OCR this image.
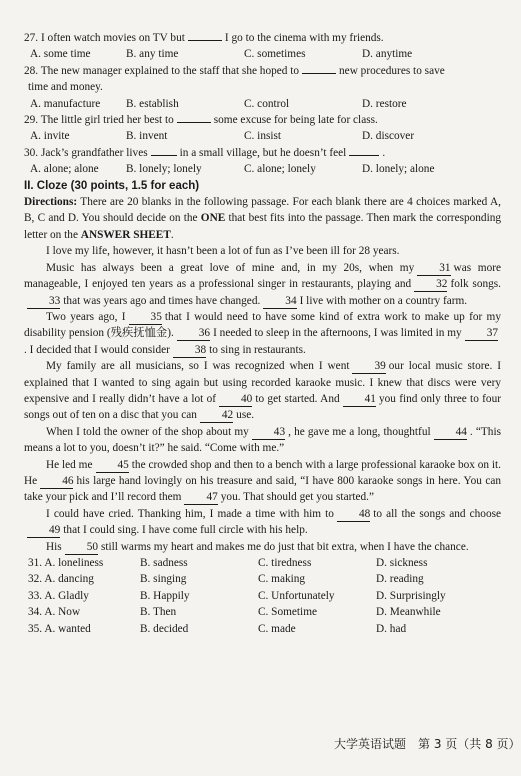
27. I often watch movies on TV but	I go to the cinema with my friends.
A. some time	B. any time	C. sometimes	D. anytime
28. The new manager explained to the staff that she hoped to	new procedures to save
time and money.
A. manufacture	B. establish	C. control	D. restore
29. The little girl tried her best to	some excuse for being late for class.
A. invite	B. invent	C. insist	D. discover
30. Jack’s grandfather lives	in a small village, but he doesn’t feel	.
A. alone; alone	B. lonely; lonely	C. alone; lonely	D. lonely; alone
II. Cloze (30 points, 1.5 for each)

Directions: There are 20 blanks in the following passage. For each blank there are 4 choices marked A, B, C and D. You should decide on the ONE that best fits into the passage. Then mark the corresponding letter on the ANSWER SHEET.

I love my life, however, it hasn’t been a lot of fun as I’ve been ill for 28 years.

Music has always been a great love of mine and, in my 20s, when my 31 was more manageable, I enjoyed ten years as a professional singer in restaurants, playing and 32 folk songs.33 that was years ago and times have changed. 34 I live with mother on a country farm.

Two years ago, I 35 that I would need to have some kind of extra work to make up for my disability pension (残疾抚恤金). 36 I needed to sleep in the afternoons, I was limited in my 37. I decided that I would consider 38 to sing in restaurants.

My family are all musicians, so I was recognized when I went 39 our local music store. I explained that I wanted to sing again but using recorded karaoke music. I knew that discs were very expensive and I really didn’t have a lot of 40 to get started. And 41 you find only three to four songs out of ten on a disc that you can 42 use.

When I told the owner of the shop about my 43 , he gave me a long, thoughtful 44 . “This means a lot to you, doesn’t it?” he said. “Come with me.”

He led me 45 the crowded shop and then to a bench with a large professional karaoke box on it. He 46 his large hand lovingly on his treasure and said, “I have 800 karaoke songs in here. You can take your pick and I’ll record them 47 you. That should get you started.”

I could have cried. Thanking him, I made a time with him to 48 to all the songs and choose49 that I could sing. I have come full circle with his help.

His 50 still warms my heart and makes me do just that bit extra, when I have the chance.

31. A. loneliness	B. sadness	C. tiredness	D. sickness
32. A. dancing	B. singing	C. making	D. reading
33. A. Gladly	B. Happily	C. Unfortunately	D. Surprisingly
34. A. Now	B. Then	C. Sometime	D. Meanwhile
35. A. wanted	B. decided	C. made	D. had
大学英语试题　第 3 页（共 8 页）
